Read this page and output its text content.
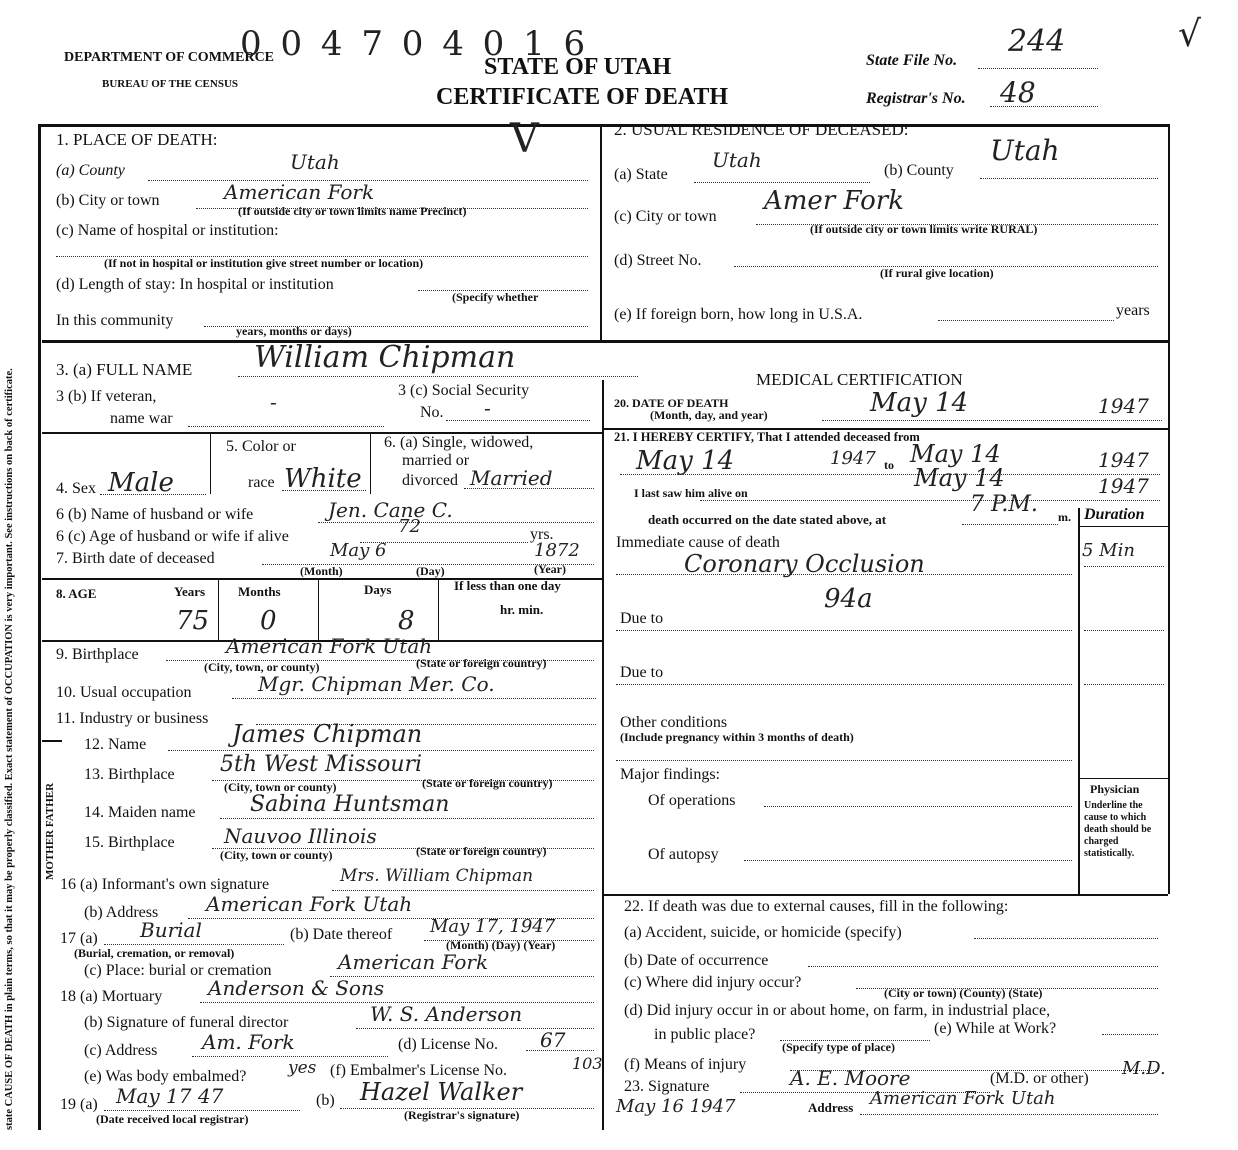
state CAUSE OF DEATH in plain terms, so that it may be properly classified. Exact statement of OCCUPATION is very important. See instructions on back of certificate.
DEPARTMENT OF COMMERCE
BUREAU OF THE CENSUS
0 0 4 7 0 4 0 1 6
STATE OF UTAH
CERTIFICATE OF DEATH
State File No.
244
Registrar's No. 48
√
1. PLACE OF DEATH:	V
(a) County	Utah
(b) City or town	American Fork
(If outside city or town limits name Precinct)
(c) Name of hospital or institution:
(If not in hospital or institution give street number or location)
(d) Length of stay: In hospital or institution
(Specify whether
In this community
years, months or days)
2. USUAL RESIDENCE OF DECEASED:
(a) State
Utah	(b) County
Utah
(c) City or town
Amer Fork
(If outside city or town limits write RURAL)
(d) Street No.
(If rural give location)
(e) If foreign born, how long in U.S.A.	years
3. (a) FULL NAME William Chipman
3 (b) If veteran,
name war
-	3 (c) Social Security
No. -
4. Sex Male
5. Color or
race White
6. (a) Single, widowed,
married or
divorced Married
6 (b) Name of husband or wife	Jen. Cane C.
6 (c) Age of husband or wife if alive	72	yrs.
7. Birth date of deceased	May 6	1872
(Month)	(Day)	(Year)
8. AGE	Years	Months	Days	If less than one day
hr. min.
75 0	8
9. Birthplace	American Fork Utah
(City, town, or county)	(State or foreign country)
10. Usual occupation	Mgr. Chipman Mer. Co.
11. Industry or business
MOTHER FATHER
12. Name	James Chipman
13. Birthplace 5th West Missouri
(City, town or county)	(State or foreign country)
14. Maiden name Sabina Huntsman
15. Birthplace Nauvoo Illinois
(City, town or county)	(State or foreign country)
16 (a) Informant's own signature	Mrs. William Chipman
(b) Address American Fork Utah
17 (a) Burial
(Burial, cremation, or removal)
(b) Date thereof May 17, 1947
(Month) (Day) (Year)
(c) Place: burial or cremation	American Fork
18 (a) Mortuary Anderson & Sons
(b) Signature of funeral director	W. S. Anderson
(c) Address Am. Fork	(d) License No. 67
(e) Was body embalmed? yes (f) Embalmer's License No.	103
19 (a) May 17 47
(Date received local registrar)
(b) Hazel Walker
(Registrar's signature)
MEDICAL CERTIFICATION
20. DATE OF DEATH
(Month, day, and year)	May 14	1947
21. I HEREBY CERTIFY, That I attended deceased from
May 14	1947 to May 14	1947
I last saw him alive on
May 14	1947
death occurred on the date stated above, at
7 P.M. m. Duration
Immediate cause of death
Coronary Occlusion
94a
5 Min
Due to
Due to
Other conditions
(Include pregnancy within 3 months of death)
Major findings:
Of operations
Of autopsy
Physician
Underline the cause to which death should be charged statistically.
22. If death was due to external causes, fill in the following:
(a) Accident, suicide, or homicide (specify)
(b) Date of occurrence
(c) Where did injury occur?
(City or town) (County) (State)
(d) Did injury occur in or about home, on farm, in industrial place,
in public place?
(Specify type of place)
(e) While at Work?
(f) Means of injury
23. Signature	A. E. Moore	(M.D. or other) M.D.
May 16 1947	Address American Fork Utah
